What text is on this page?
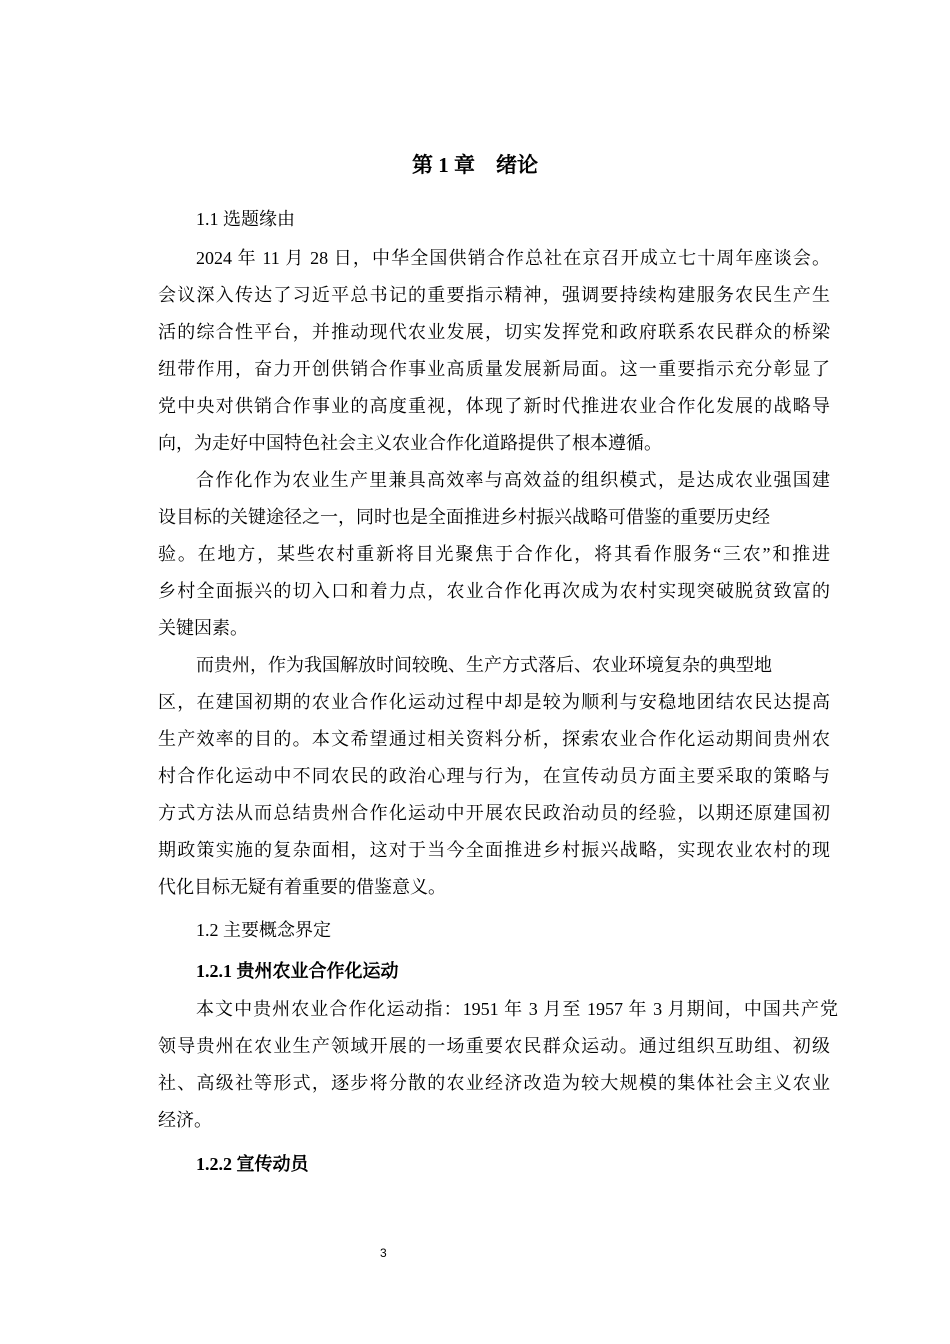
第 1 章　绪论
1.1 选题缘由
2024 年 11 月 28 日，中华全国供销合作总社在京召开成立七十周年座谈会。
会议深入传达了习近平总书记的重要指示精神，强调要持续构建服务农民生产生
活的综合性平台，并推动现代农业发展，切实发挥党和政府联系农民群众的桥梁
纽带作用，奋力开创供销合作事业高质量发展新局面。这一重要指示充分彰显了
党中央对供销合作事业的高度重视，体现了新时代推进农业合作化发展的战略导
向，为走好中国特色社会主义农业合作化道路提供了根本遵循。
合作化作为农业生产里兼具高效率与高效益的组织模式，是达成农业强国建
设目标的关键途径之一，同时也是全面推进乡村振兴战略可借鉴的重要历史经
验。在地方，某些农村重新将目光聚焦于合作化，将其看作服务“三农”和推进
乡村全面振兴的切入口和着力点，农业合作化再次成为农村实现突破脱贫致富的
关键因素。
而贵州，作为我国解放时间较晚、生产方式落后、农业环境复杂的典型地
区，在建国初期的农业合作化运动过程中却是较为顺利与安稳地团结农民达提高
生产效率的目的。本文希望通过相关资料分析，探索农业合作化运动期间贵州农
村合作化运动中不同农民的政治心理与行为，在宣传动员方面主要采取的策略与
方式方法从而总结贵州合作化运动中开展农民政治动员的经验，以期还原建国初
期政策实施的复杂面相，这对于当今全面推进乡村振兴战略，实现农业农村的现
代化目标无疑有着重要的借鉴意义。
1.2 主要概念界定
1.2.1 贵州农业合作化运动
本文中贵州农业合作化运动指：1951 年 3 月至 1957 年 3 月期间，中国共产党
领导贵州在农业生产领域开展的一场重要农民群众运动。通过组织互助组、初级
社、高级社等形式，逐步将分散的农业经济改造为较大规模的集体社会主义农业
经济。
1.2.2 宣传动员
3
